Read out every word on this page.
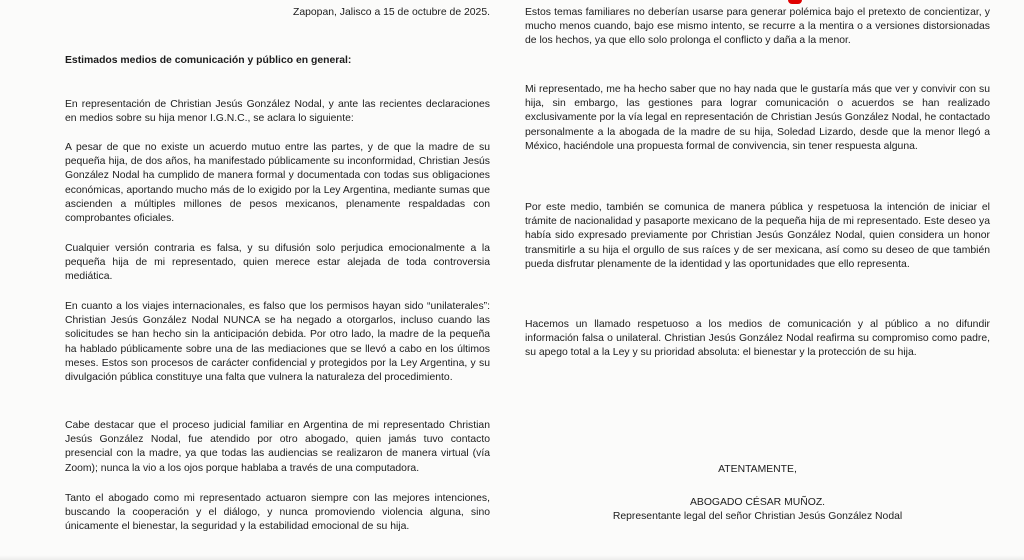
Zapopan, Jalisco a 15 de octubre de 2025.
Estimados medios de comunicación y público en general:

En representación de Christian Jesús González Nodal, y ante las recientes declaraciones en medios sobre su hija menor I.G.N.C., se aclara lo siguiente:

A pesar de que no existe un acuerdo mutuo entre las partes, y de que la madre de su pequeña hija, de dos años, ha manifestado públicamente su inconformidad, Christian Jesús González Nodal ha cumplido de manera formal y documentada con todas sus obligaciones económicas, aportando mucho más de lo exigido por la Ley Argentina, mediante sumas que ascienden a múltiples millones de pesos mexicanos, plenamente respaldadas con comprobantes oficiales.

Cualquier versión contraria es falsa, y su difusión solo perjudica emocionalmente a la pequeña hija de mi representado, quien merece estar alejada de toda controversia mediática.

En cuanto a los viajes internacionales, es falso que los permisos hayan sido “unilaterales”: Christian Jesús González Nodal NUNCA se ha negado a otorgarlos, incluso cuando las solicitudes se han hecho sin la anticipación debida. Por otro lado, la madre de la pequeña ha hablado públicamente sobre una de las mediaciones que se llevó a cabo en los últimos meses. Estos son procesos de carácter confidencial y protegidos por la Ley Argentina, y su divulgación pública constituye una falta que vulnera la naturaleza del procedimiento.

Cabe destacar que el proceso judicial familiar en Argentina de mi representado Christian Jesús González Nodal, fue atendido por otro abogado, quien jamás tuvo contacto presencial con la madre, ya que todas las audiencias se realizaron de manera virtual (vía Zoom); nunca la vio a los ojos porque hablaba a través de una computadora.

Tanto el abogado como mi representado actuaron siempre con las mejores intenciones, buscando la cooperación y el diálogo, y nunca promoviendo violencia alguna, sino únicamente el bienestar, la seguridad y la estabilidad emocional de su hija.

Estos temas familiares no deberían usarse para generar polémica bajo el pretexto de concientizar, y mucho menos cuando, bajo ese mismo intento, se recurre a la mentira o a versiones distorsionadas de los hechos, ya que ello solo prolonga el conflicto y daña a la menor.

Mi representado, me ha hecho saber que no hay nada que le gustaría más que ver y convivir con su hija, sin embargo, las gestiones para lograr comunicación o acuerdos se han realizado exclusivamente por la vía legal en representación de Christian Jesús González Nodal, he contactado personalmente a la abogada de la madre de su hija, Soledad Lizardo, desde que la menor llegó a México, haciéndole una propuesta formal de convivencia, sin tener respuesta alguna.

Por este medio, también se comunica de manera pública y respetuosa la intención de iniciar el trámite de nacionalidad y pasaporte mexicano de la pequeña hija de mi representado. Este deseo ya había sido expresado previamente por Christian Jesús González Nodal, quien considera un honor transmitirle a su hija el orgullo de sus raíces y de ser mexicana, así como su deseo de que también pueda disfrutar plenamente de la identidad y las oportunidades que ello representa.

Hacemos un llamado respetuoso a los medios de comunicación y al público a no difundir información falsa o unilateral. Christian Jesús González Nodal reafirma su compromiso como padre, su apego total a la Ley y su prioridad absoluta: el bienestar y la protección de su hija.

ATENTAMENTE,
ABOGADO CÉSAR MUÑOZ.
Representante legal del señor Christian Jesús González Nodal
